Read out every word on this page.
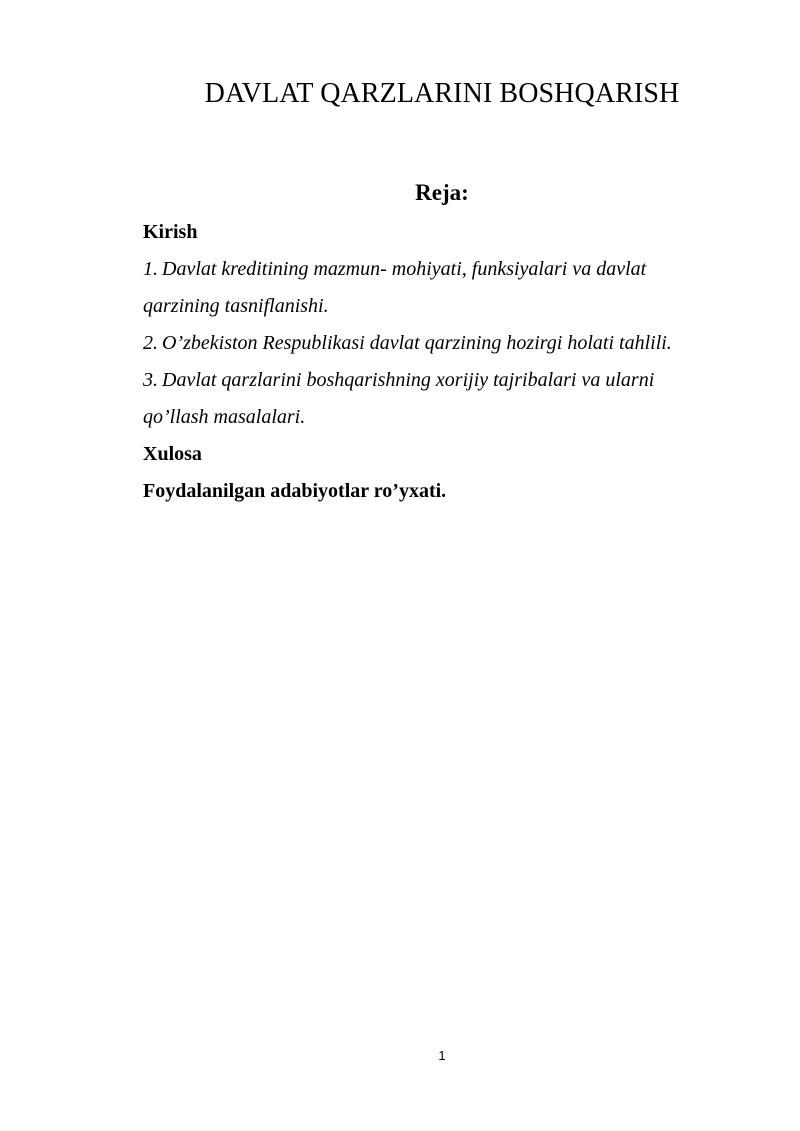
DAVLAT QARZLARINI BOSHQARISH
Reja:
Kirish
1. Davlat kreditining mazmun- mohiyati, funksiyalari va davlat
qarzining tasniflanishi.
2. O’zbekiston Respublikasi davlat qarzining hozirgi holati tahlili.
3. Davlat qarzlarini boshqarishning xorijiy tajribalari va ularni
qo’llash masalalari.
Xulosa
Foydalanilgan adabiyotlar ro’yxati.
1
